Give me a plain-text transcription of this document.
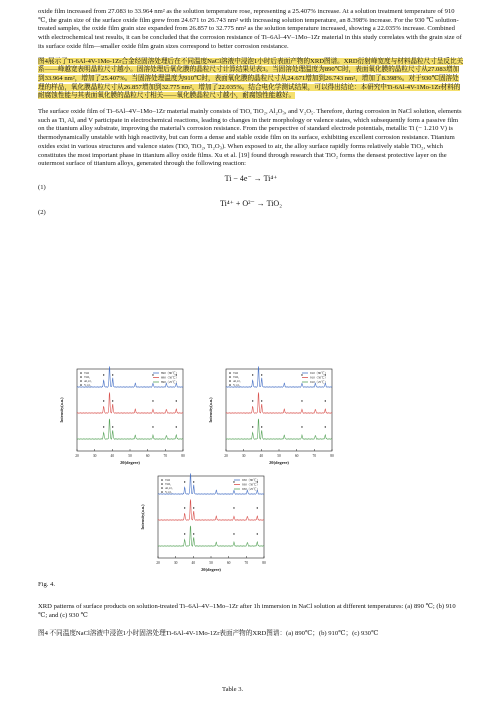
oxide film increased from 27.083 to 33.964 nm² as the solution temperature rose, representing a 25.407% increase. At a solution treatment temperature of 910 ℃, the grain size of the surface oxide film grew from 24.671 to 26.743 nm² with increasing solution temperature, an 8.398% increase. For the 930 ℃ solution-treated samples, the oxide film grain size expanded from 26.857 to 32.775 nm² as the solution temperature increased, showing a 22.035% increase. Combined with electrochemical test results, it can be concluded that the corrosion resistance of Ti–6Al–4V–1Mo–1Zr material in this study correlates with the grain size of its surface oxide film—smaller oxide film grain sizes correspond to better corrosion resistance.

图4展示了Ti-6Al-4V-1Mo-1Zr合金经固溶处理后在不同温度NaCl溶液中浸泡1小时后表面产物的XRD图谱。XRD衍射峰宽度与材料晶粒尺寸呈反比关系——峰越宽表明晶粒尺寸越小。固溶处理后氧化膜的晶粒尺寸计算结果见表3。当固溶处理温度为890℃时，表面氧化膜的晶粒尺寸从27.083增加到33.964 nm²，增加了25.407%。当固溶处理温度为910℃时，表面氧化膜的晶粒尺寸从24.671增加到26.743 nm²，增加了8.398%。对于930℃固溶处理的样品，氧化膜晶粒尺寸从26.857增加到32.775 nm²，增加了22.035%。结合电化学测试结果，可以得出结论：本研究中Ti-6Al-4V-1Mo-1Zr材料的耐腐蚀性能与其表面氧化膜的晶粒尺寸相关——氧化膜晶粒尺寸越小，耐腐蚀性能越好。

The surface oxide film of Ti–6Al–4V–1Mo–1Zr material mainly consists of TiO, TiO₂, Al₂O₃, and V₂O₅. Therefore, during corrosion in NaCl solution, elements such as Ti, Al, and V participate in electrochemical reactions, leading to changes in their morphology or valence states, which subsequently form a passive film on the titanium alloy substrate, improving the material's corrosion resistance. From the perspective of standard electrode potentials, metallic Ti (− 1.210 V) is thermodynamically unstable with high reactivity, but can form a dense and stable oxide film on its surface, exhibiting excellent corrosion resistance. Titanium oxides exist in various structures and valence states (TiO, TiO₂, Ti₂O₃). When exposed to air, the alloy surface rapidly forms relatively stable TiO₂, which constitutes the most important phase in titanium alloy oxide films. Xu et al. [19] found through research that TiO₂ forms the densest protective layer on the outermost surface of titanium alloys, generated through the following reaction:

Ti − 4e⁻ → Ti⁴⁺

(1)

Ti⁴⁺ + O²⁻ → TiO₂

(2)

20	30	40	50	60	70	80
2θ(degree)
Intensity(a.u.)
TiO
TiO₂
Al₂O₃
V₂O₅
890（80℃）
890（50℃）
890（25℃）
20	30	40	50	60	70	80
2θ(degree)
Intensity(a.u.)
TiO
TiO₂
Al₂O₃
V₂O₅
910（80℃）
910（50℃）
910（25℃）
20	30	40	50	60	70	80
2θ(degree)
Intensity(a.u.)
TiO
TiO₂
Al₂O₃
V₂O₅
930（80℃）
930（50℃）
930（25℃）
Fig. 4.
XRD patterns of surface products on solution-treated Ti–6Al–4V–1Mo–1Zr after 1h immersion in NaCl solution at different temperatures: (a) 890 ℃; (b) 910 ℃; and (c) 930 ℃
图4 不同温度NaCl溶液中浸泡1小时固溶处理Ti-6Al-4V-1Mo-1Zr表面产物的XRD图谱：(a) 890℃；(b) 910℃；(c) 930℃
Table 3.
